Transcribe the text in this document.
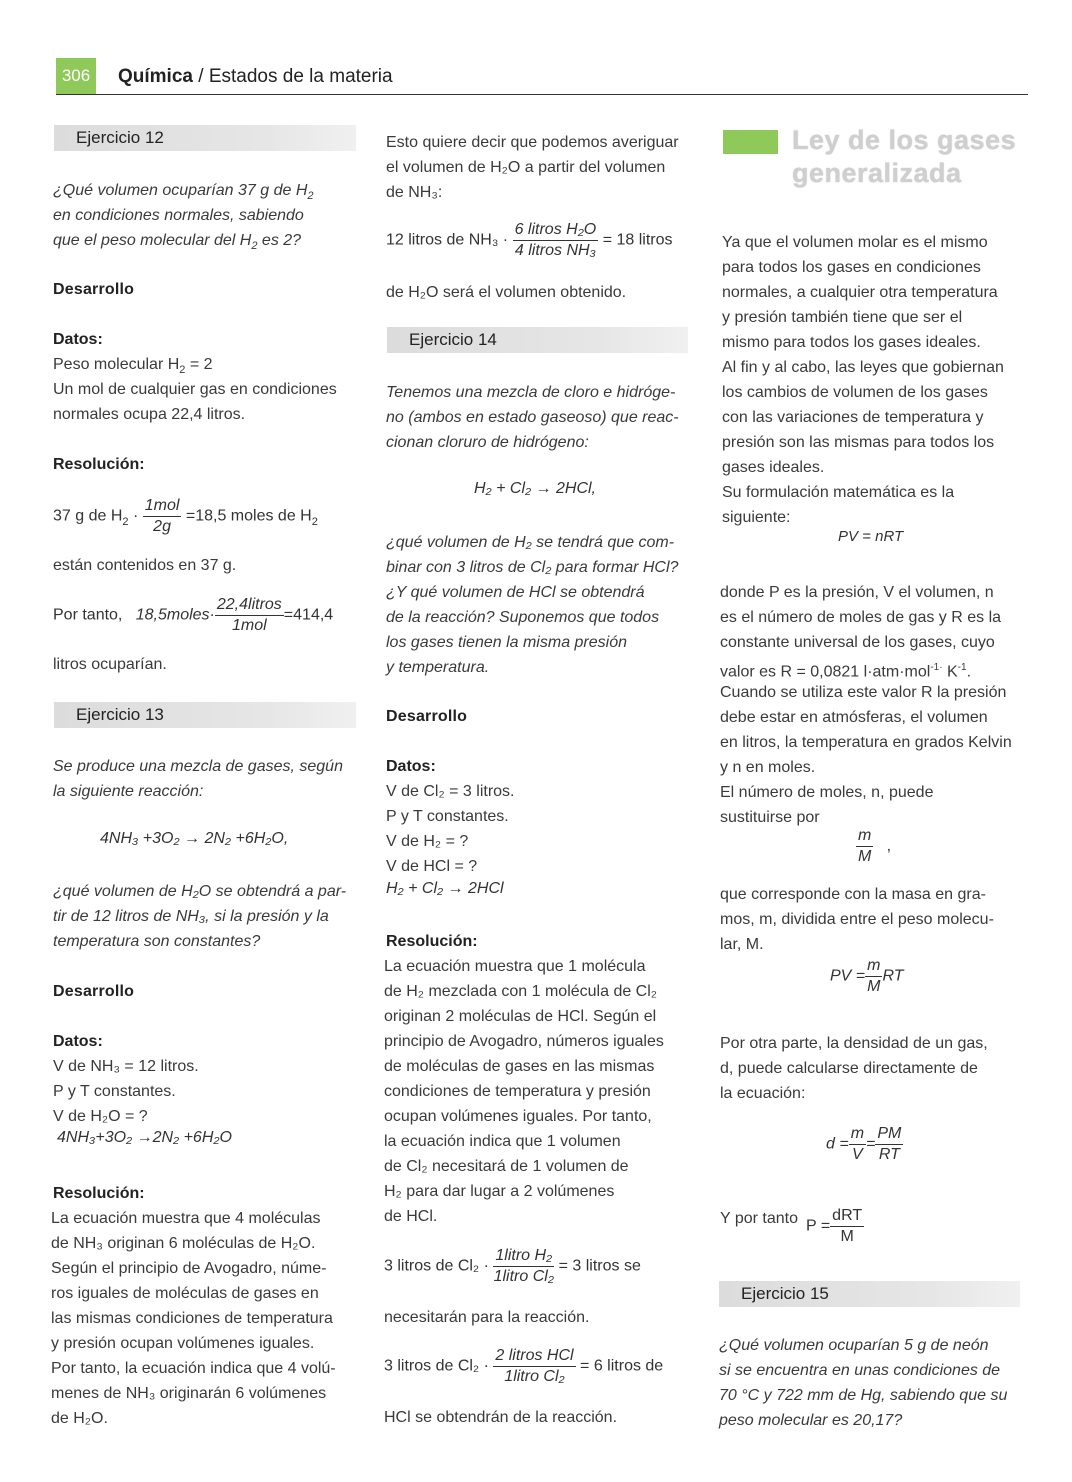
306	Química / Estados de la materia
Ejercicio 12
¿Qué volumen ocuparían 37 g de $H_2$
en condiciones normales, sabiendo
que el peso molecular del $H_2$ es 2?
Desarrollo
Datos:
Peso molecular $H_2 = 2$
Un mol de cualquier gas en condiciones
normales ocupa 22,4 litros.
Resolución:
37 g de $H_2 \cdot \frac{\text{1mol}}{2g} =18,5$ moles de $H_2$
están contenidos en 37 g.
Por tanto, 18,5moles· $\frac{\text{22,4litros}}{\text{1mol}} =414,4$
litros ocuparían.
Ejercicio 13
Se produce una mezcla de gases, según
la siguiente reacción:
4NH₃ +3O₂ → 2N₂ +6H₂O,
¿qué volumen de H₂O se obtendrá a par-
tir de 12 litros de NH₃, si la presión y la
temperatura son constantes?
Desarrollo
Datos:
V de NH₃ = 12 litros.
P y T constantes.
V de H₂O = ?
4NH₃+3O₂ →2N₂ +6H₂O
Resolución:
La ecuación muestra que 4 moléculas
de NH₃ originan 6 moléculas de H₂O.
Según el principio de Avogadro, núme-
ros iguales de moléculas de gases en
las mismas condiciones de temperatura
y presión ocupan volúmenes iguales.
Por tanto, la ecuación indica que 4 volú-
menes de NH₃ originarán 6 volúmenes
de H₂O.
Esto quiere decir que podemos averiguar
el volumen de H₂O a partir del volumen
de NH₃:
12 litros de $NH_3 \cdot \frac{\text{6 litros H₂O}}{\text{4 litros NH₃}} = 18$ litros
de H₂O será el volumen obtenido.
Ejercicio 14
Tenemos una mezcla de cloro e hidróge-
no (ambos en estado gaseoso) que reac-
cionan cloruro de hidrógeno:
H₂ + Cl₂ → 2HCl,
¿qué volumen de H₂ se tendrá que com-
binar con 3 litros de Cl₂ para formar HCl?
¿Y qué volumen de HCl se obtendrá
de la reacción? Suponemos que todos
los gases tienen la misma presión
y temperatura.
Desarrollo
Datos:
V de Cl₂ = 3 litros.
P y T constantes.
V de H₂ = ?
V de HCl = ?
H₂ + Cl₂ → 2HCl
Resolución:
La ecuación muestra que 1 molécula
de H₂ mezclada con 1 molécula de Cl₂
originan 2 moléculas de HCl. Según el
principio de Avogadro, números iguales
de moléculas de gases en las mismas
condiciones de temperatura y presión
ocupan volúmenes iguales. Por tanto,
la ecuación indica que 1 volumen
de Cl₂ necesitará de 1 volumen de
H₂ para dar lugar a 2 volúmenes
de HCl.
3 litros de $Cl_2 \cdot \frac{\text{1litro H₂}}{\text{1litro Cl₂}} = 3$ litros se
necesitarán para la reacción.
3 litros de $Cl_2 \cdot \frac{\text{2 litros HCl}}{\text{1litro Cl₂}} = 6$ litros de
HCl se obtendrán de la reacción.
Ley de los gases
generalizada
Ya que el volumen molar es el mismo
para todos los gases en condiciones
normales, a cualquier otra temperatura
y presión también tiene que ser el
mismo para todos los gases ideales.
Al fin y al cabo, las leyes que gobiernan
los cambios de volumen de los gases
con las variaciones de temperatura y
presión son las mismas para todos los
gases ideales.
Su formulación matemática es la
siguiente:
PV = nRT
donde P es la presión, V el volumen, n
es el número de moles de gas y R es la
constante universal de los gases, cuyo
valor es R = 0,0821 l·atm·mol$^{-1\cdot}$ $K^{-1}$.
Cuando se utiliza este valor R la presión
debe estar en atmósferas, el volumen
en litros, la temperatura en grados Kelvin
y n en moles.
El número de moles, n, puede
sustituirse por
$\frac{m}{M}$ ,
que corresponde con la masa en gra-
mos, m, dividida entre el peso molecu-
lar, M.
PV = $\frac{m}{M}$ RT
Por otra parte, la densidad de un gas,
d, puede calcularse directamente de
la ecuación:
$d = \frac{m}{V} = \frac{PM}{RT}$
Y por tanto $P = \frac{\text{dRT}}{M}$
Ejercicio 15
¿Qué volumen ocuparían 5 g de neón
si se encuentra en unas condiciones de
70 °C y 722 mm de Hg, sabiendo que su
peso molecular es 20,17?
